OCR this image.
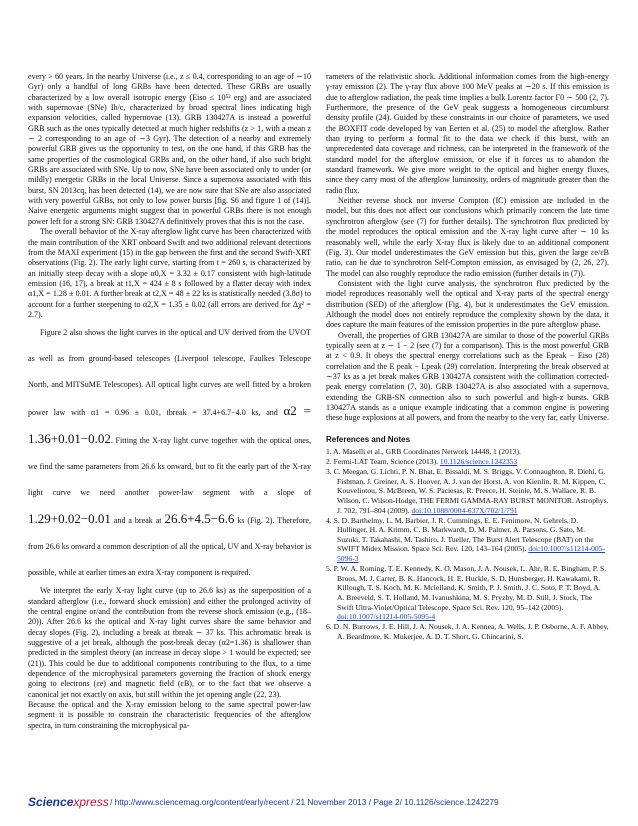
every > 60 years. In the nearby Universe (i.e., z ≤ 0.4, corresponding to an age of ∼10 Gyr) only a handful of long GRBs have been detected. These GRBs are usually characterized by a low overall isotropic energy (Eiso ≤ 10⁵² erg) and are associated with supernovae (SNe) Ib/c, characterized by broad spectral lines indicating high expansion velocities, called hypernovae (13). GRB 130427A is instead a powerful GRB such as the ones typically detected at much higher redshifts (z > 1, with a mean z ∼ 2 corresponding to an age of ∼3 Gyr). The detection of a nearby and extremely powerful GRB gives us the opportunity to test, on the one hand, if this GRB has the same properties of the cosmological GRBs and, on the other hand, if also such bright GRBs are associated with SNe. Up to now, SNe have been associated only to under (or mildly) energetic GRBs in the local Universe. Since a supernova associated with this burst, SN 2013cq, has been detected (14), we are now sure that SNe are also associated with very powerful GRBs, not only to low power bursts [fig. S6 and figure 1 of (14)]. Naive energetic arguments might suggest that in powerful GRBs there is not enough power left for a strong SN: GRB 130427A definitively proves that this is not the case.

The overall behavior of the X-ray afterglow light curve has been characterized with the main contribution of the XRT onboard Swift and two additional relevant detections from the MAXI experiment (15) in the gap between the first and the second Swift-XRT observations (Fig. 2). The early light curve, starting from t = 260 s, is characterized by an initially steep decay with a slope α0,X = 3.32 ± 0.17 consistent with high-latitude emission (16, 17), a break at t1,X = 424 ± 8 s followed by a flatter decay with index α1,X = 1.28 ± 0.01. A further break at t2,X = 48 ± 22 ks is statistically needed (3.8σ) to account for a further steepening to α2,X = 1.35 ± 0.02 (all errors are derived for Δχ² = 2.7).

Figure 2 also shows the light curves in the optical and UV derived from the UVOT as well as from ground-based telescopes (Liverpool telescope, Faulkes Telescope North, and MITSuME Telescopes). All optical light curves are well fitted by a broken power law with α1 = 0.96 ± 0.01, tbreak = 37.4+6.7−4.0 ks, and α2 = 1.36+0.01−0.02. Fitting the X-ray light curve together with the optical ones, we find the same parameters from 26.6 ks onward, but to fit the early part of the X-ray light curve we need another power-law segment with a slope of 1.29+0.02−0.01 and a break at 26.6+4.5−6.6 ks (Fig. 2). Therefore, from 26.6 ks onward a common description of all the optical, UV and X-ray behavior is possible, while at earlier times an extra X-ray component is required.

We interpret the early X-ray light curve (up to 26.6 ks) as the superposition of a standard afterglow (i.e., forward shock emission) and either the prolonged activity of the central engine or/and the contribution from the reverse shock emission (e.g., (18–20)). After 26.6 ks the optical and X-ray light curves share the same behavior and decay slopes (Fig. 2), including a break at tbreak ∼ 37 ks. This achromatic break is suggestive of a jet break, although the post-break decay (α2=1.36) is shallower than predicted in the simplest theory (an increase in decay slope > 1 would be expected; see (21)). This could be due to additional components contributing to the flux, to a time dependence of the microphysical parameters governing the fraction of shock energy going to electrons (εe) and magnetic field (εB), or to the fact that we observe a canonical jet not exactly on axis, but still within the jet opening angle (22, 23).

Because the optical and the X-ray emission belong to the same spectral power-law segment it is possible to constrain the characteristic frequencies of the afterglow spectra, in turn constraining the microphysical pa-

rameters of the relativistic shock. Additional information comes from the high-energy γ-ray emission (2). The γ-ray flux above 100 MeV peaks at ∼20 s. If this emission is due to afterglow radiation, the peak time implies a bulk Lorentz factor Γ0 ∼ 500 (2, 7). Furthermore, the presence of the GeV peak suggests a homogeneous circumburst density profile (24). Guided by these constraints in our choice of parameters, we used the BOXFIT code developed by van Eerten et al. (25) to model the afterglow. Rather than trying to perform a formal fit to the data we check if this burst, with an unprecedented data coverage and richness, can be interpreted in the framework of the standard model for the afterglow emission, or else if it forces us to abandon the standard framework. We give more weight to the optical and higher energy fluxes, since they carry most of the afterglow luminosity, orders of magnitude greater than the radio flux.

Neither reverse shock nor inverse Compton (IC) emission are included in the model, but this does not affect our conclusions which primarily concern the late time synchrotron afterglow (see (7) for further details). The synchrotron flux predicted by the model reproduces the optical emission and the X-ray light curve after ∼ 10 ks reasonably well, while the early X-ray flux is likely due to an additional component (Fig. 3). Our model underestimates the GeV emission but this, given the large εe/εB ratio, can be due to synchrotron Self-Compton emission, as envisaged by (2, 26, 27). The model can also roughly reproduce the radio emission (further details in (7)).

Consistent with the light curve analysis, the synchrotron flux predicted by the model reproduces reasonably well the optical and X-ray parts of the spectral energy distribution (SED) of the afterglow (Fig. 4), but it underestimates the GeV emission. Although the model does not entirely reproduce the complexity shown by the data, it does capture the main features of the emission properties in the pure afterglow phase.

Overall, the properties of GRB 130427A are similar to those of the powerful GRBs typically seen at z ∼ 1 − 2 (see (7) for a comparison). This is the most powerful GRB at z < 0.9. It obeys the spectral energy correlations such as the Epeak − Eiso (28) correlation and the E peak − Lpeak (29) correlation. Interpreting the break observed at ∼37 ks as a jet break makes GRB 130427A consistent with the collimation corrected-peak energy correlation (7, 30). GRB 130427A is also associated with a supernova, extending the GRB-SN connection also to such powerful and high-z bursts. GRB 130427A stands as a unique example indicating that a common engine is powering these huge explosions at all powers, and from the nearby to the very far, early Universe.

References and Notes
1. A. Maselli et al., GRB Coordinates Network 14448, 1 (2013).
2. Fermi-LAT Team, Science (2013). 10.1126/science.1242353
3. C. Meegan, G. Lichti, P. N. Bhat, E. Bissaldi, M. S. Briggs, V. Connaughton, R. Diehl, G. Fishman, J. Greiner, A. S. Hoover, A. J. van der Horst, A. von Kienlin, R. M. Kippen, C. Kouveliotou, S. McBreen, W. S. Paciesas, R. Preece, H. Steinle, M. S. Wallace, R. B. Wilson, C. Wilson-Hodge, THE FERMI GAMMA-RAY BURST MONITOR. Astrophys. J. 702, 791–804 (2009). doi:10.1088/0004-637X/702/1/791
4. S. D. Barthelmy, L. M. Barbier, J. R. Cummings, E. E. Fenimore, N. Gehrels, D. Hullinger, H. A. Krimm, C. B. Markwardt, D. M. Palmer, A. Parsons, G. Sato, M. Suzuki, T. Takahashi, M. Tashiro, J. Tueller, The Burst Alert Telescope (BAT) on the SWIFT Midex Mission. Space Sci. Rev. 120, 143–164 (2005). doi:10.1007/s11214-005-5096-3
5. P. W. A. Roming, T. E. Kennedy, K. O. Mason, J. A. Nousek, L. Ahr, R. E. Bingham, P. S. Broos, M. J. Carter, B. K. Hancock, H. E. Huckle, S. D. Hunsberger, H. Kawakami, R. Killough, T. S. Koch, M. K. Mclelland, K. Smith, P. J. Smith, J. C. Soto, P. T. Boyd, A. A. Breeveld, S. T. Holland, M. Ivanushkina, M. S. Pryzby, M. D. Still, J. Stock, The Swift Ultra-Violet/Optical Telescope. Space Sci. Rev. 120, 95–142 (2005). doi:10.1007/s11214-005-5095-4
6. D. N. Burrows, J. E. Hill, J. A. Nousek, J. A. Kennea, A. Wells, J. P. Osborne, A. F. Abbey, A. Beardmore, K. Mukerjee, A. D. T. Short, G. Chincarini, S.
Sciencexpress / http://www.sciencemag.org/content/early/recent / 21 November 2013 / Page 2/ 10.1126/science.1242279
